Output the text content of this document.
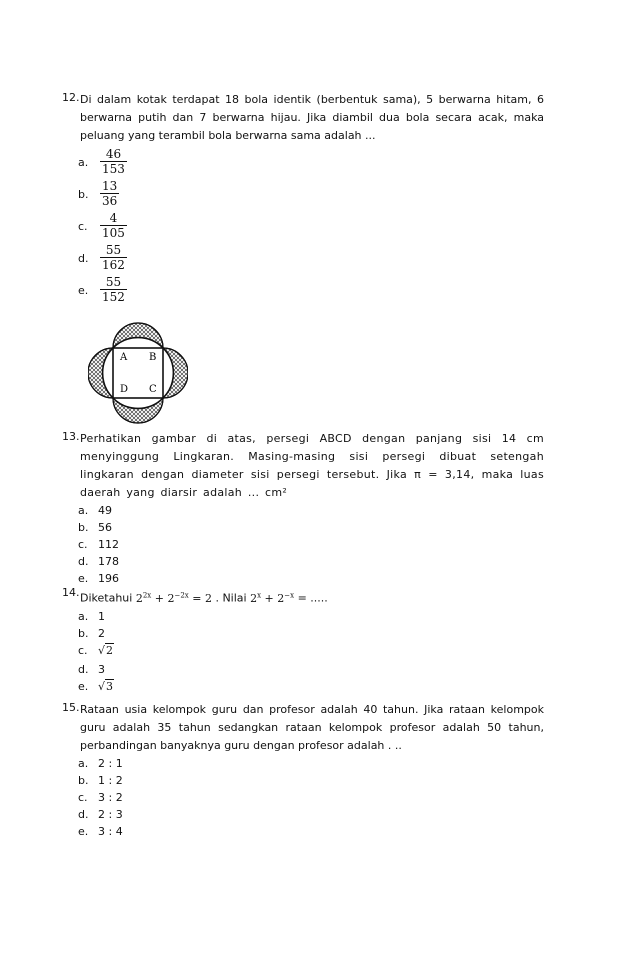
12. Di dalam kotak terdapat 18 bola identik (berbentuk sama), 5 berwarna hitam, 6 berwarna putih dan 7 berwarna hijau. Jika diambil dua bola secara acak, maka peluang yang terambil bola berwarna sama adalah ...
a. $\frac{46}{153}$
b. $\frac{13}{36}$
c.	$\frac{4}{105}$
d. $\frac{55}{162}$
e. $\frac{55}{152}$
A B
D C
13. Perhatikan gambar di atas, persegi ABCD dengan panjang sisi 14 cm menyinggung Lingkaran. Masing-masing sisi persegi dibuat setengah lingkaran dengan diameter sisi persegi tersebut. Jika π = 3,14, maka luas daerah yang diarsir adalah ... cm²
a. 49
b. 56
c. 112
d. 178
e. 196
14. Diketahui $2^{2x} + 2^{-2x} = 2$ . Nilai $2^x + 2^{-x}$ = .....
a. 1
b. 2
c. √2
d. 3
e. √3
15. Rataan usia kelompok guru dan profesor adalah 40 tahun. Jika rataan kelompok guru adalah 35 tahun sedangkan rataan kelompok profesor adalah 50 tahun, perbandingan banyaknya guru dengan profesor adalah . ..
a. 2 : 1
b. 1 : 2
c. 3 : 2
d. 2 : 3
e. 3 : 4
